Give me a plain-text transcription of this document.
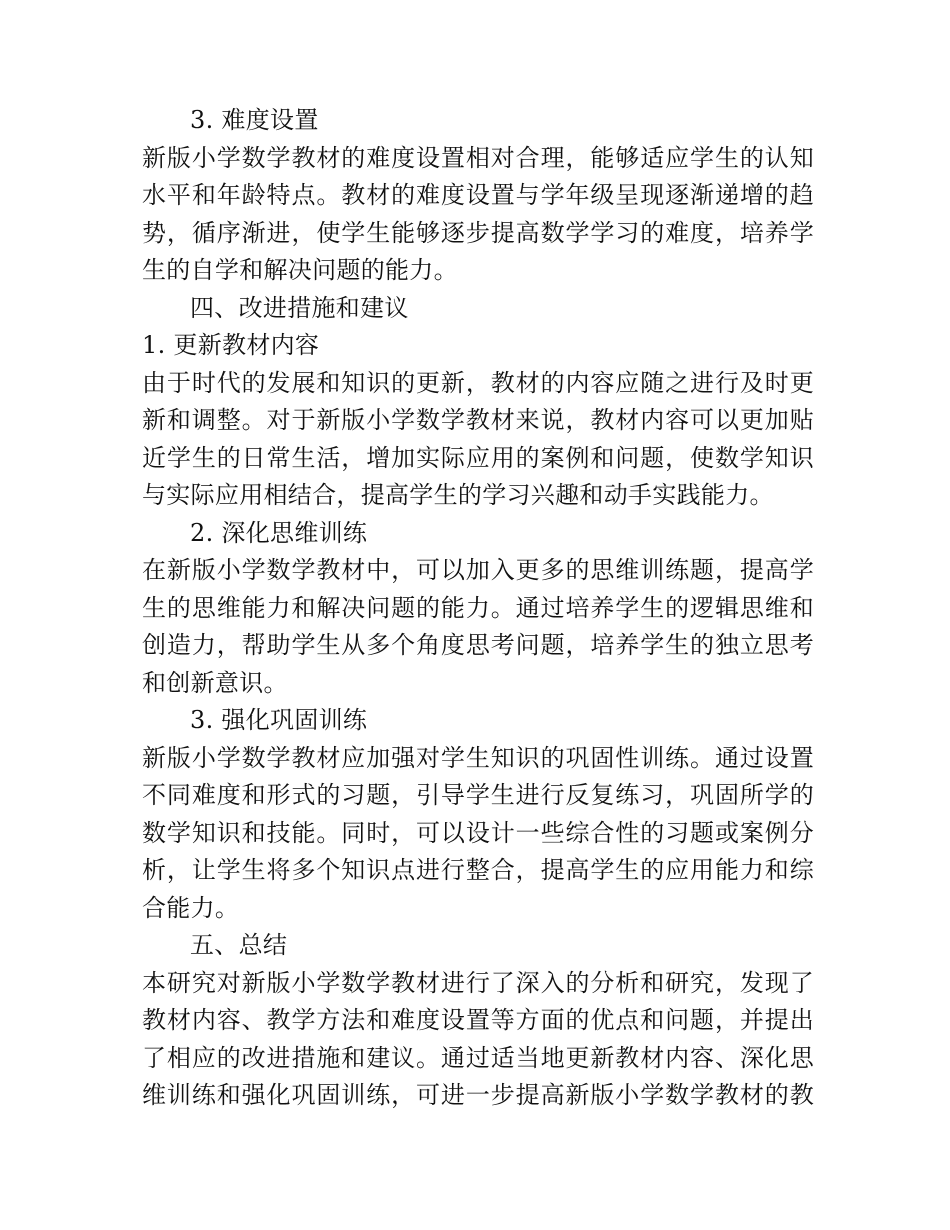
3. 难度设置
新版小学数学教材的难度设置相对合理，能够适应学生的认知
水平和年龄特点。教材的难度设置与学年级呈现逐渐递增的趋
势，循序渐进，使学生能够逐步提高数学学习的难度，培养学
生的自学和解决问题的能力。
四、改进措施和建议
1. 更新教材内容
由于时代的发展和知识的更新，教材的内容应随之进行及时更
新和调整。对于新版小学数学教材来说，教材内容可以更加贴
近学生的日常生活，增加实际应用的案例和问题，使数学知识
与实际应用相结合，提高学生的学习兴趣和动手实践能力。
2. 深化思维训练
在新版小学数学教材中，可以加入更多的思维训练题，提高学
生的思维能力和解决问题的能力。通过培养学生的逻辑思维和
创造力，帮助学生从多个角度思考问题，培养学生的独立思考
和创新意识。
3. 强化巩固训练
新版小学数学教材应加强对学生知识的巩固性训练。通过设置
不同难度和形式的习题，引导学生进行反复练习，巩固所学的
数学知识和技能。同时，可以设计一些综合性的习题或案例分
析，让学生将多个知识点进行整合，提高学生的应用能力和综
合能力。
五、总结
本研究对新版小学数学教材进行了深入的分析和研究，发现了
教材内容、教学方法和难度设置等方面的优点和问题，并提出
了相应的改进措施和建议。通过适当地更新教材内容、深化思
维训练和强化巩固训练，可进一步提高新版小学数学教材的教
